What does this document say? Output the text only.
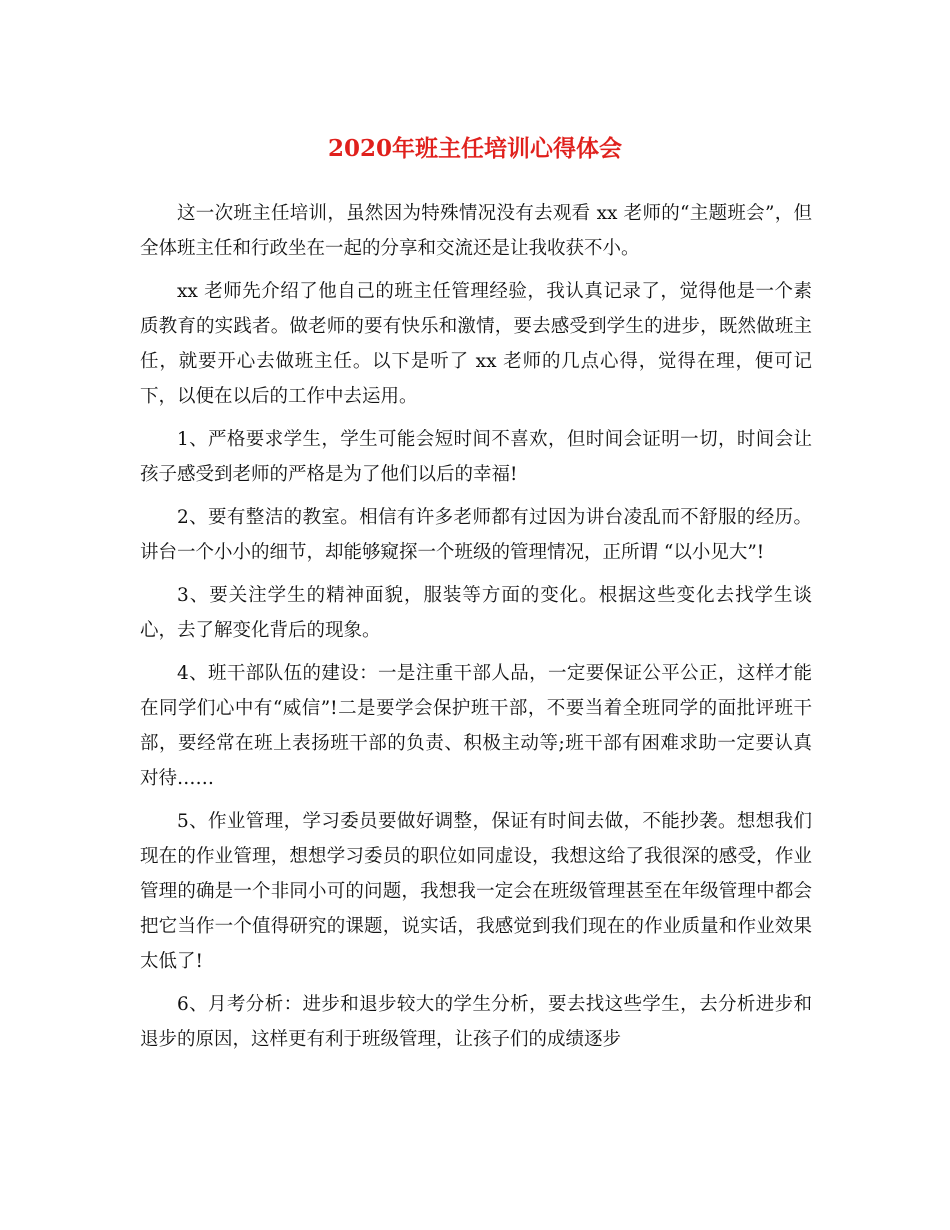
2020年班主任培训心得体会

这一次班主任培训，虽然因为特殊情况没有去观看 xx 老师的“主题班会”，但全体班主任和行政坐在一起的分享和交流还是让我收获不小。

xx 老师先介绍了他自己的班主任管理经验，我认真记录了，觉得他是一个素质教育的实践者。做老师的要有快乐和激情，要去感受到学生的进步，既然做班主任，就要开心去做班主任。以下是听了 xx 老师的几点心得，觉得在理，便可记下，以便在以后的工作中去运用。

1、严格要求学生，学生可能会短时间不喜欢，但时间会证明一切，时间会让孩子感受到老师的严格是为了他们以后的幸福!

2、要有整洁的教室。相信有许多老师都有过因为讲台凌乱而不舒服的经历。讲台一个小小的细节，却能够窥探一个班级的管理情况，正所谓 “以小见大”!

3、要关注学生的精神面貌，服装等方面的变化。根据这些变化去找学生谈心，去了解变化背后的现象。

4、班干部队伍的建设：一是注重干部人品，一定要保证公平公正，这样才能在同学们心中有“威信”!二是要学会保护班干部，不要当着全班同学的面批评班干部，要经常在班上表扬班干部的负责、积极主动等;班干部有困难求助一定要认真对待……

5、作业管理，学习委员要做好调整，保证有时间去做，不能抄袭。想想我们现在的作业管理，想想学习委员的职位如同虚设，我想这给了我很深的感受，作业管理的确是一个非同小可的问题，我想我一定会在班级管理甚至在年级管理中都会把它当作一个值得研究的课题，说实话，我感觉到我们现在的作业质量和作业效果太低了!

6、月考分析：进步和退步较大的学生分析，要去找这些学生，去分析进步和退步的原因，这样更有利于班级管理，让孩子们的成绩逐步
